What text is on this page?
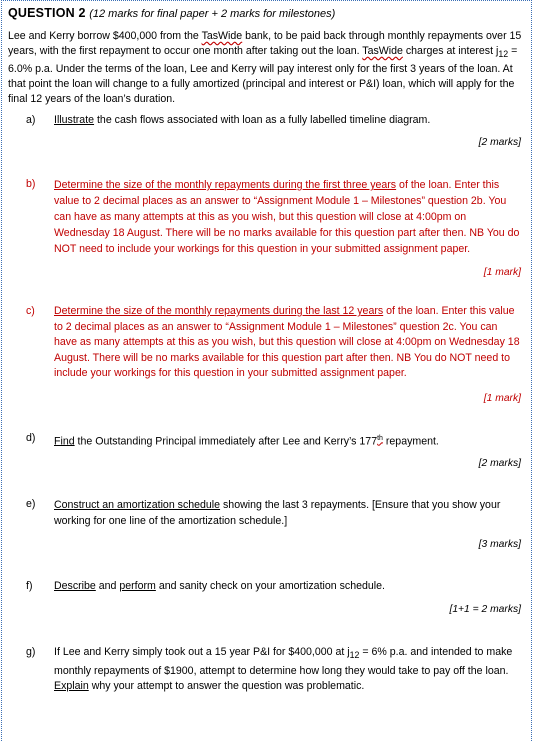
QUESTION 2 (12 marks for final paper + 2 marks for milestones)
Lee and Kerry borrow $400,000 from the TasWide bank, to be paid back through monthly repayments over 15 years, with the first repayment to occur one month after taking out the loan. TasWide charges at interest $j_{12} = 6.0\%$ p.a. Under the terms of the loan, Lee and Kerry will pay interest only for the first 3 years of the loan. At that point the loan will change to a fully amortized (principal and interest or P&I) loan, which will apply for the final 12 years of the loan’s duration.
a)	Illustrate the cash flows associated with loan as a fully labelled timeline diagram.
[2 marks]
b)	Determine the size of the monthly repayments during the first three years of the loan. Enter this value to 2 decimal places as an answer to “Assignment Module 1 – Milestones” question 2b. You can have as many attempts at this as you wish, but this question will close at 4:00pm on Wednesday 18 August. There will be no marks available for this question part after then. NB You do NOT need to include your workings for this question in your submitted assignment paper.
[1 mark]
c)	Determine the size of the monthly repayments during the last 12 years of the loan. Enter this value to 2 decimal places as an answer to “Assignment Module 1 – Milestones” question 2c. You can have as many attempts at this as you wish, but this question will close at 4:00pm on Wednesday 18 August. There will be no marks available for this question part after then. NB You do NOT need to include your workings for this question in your submitted assignment paper.
[1 mark]
d)	Find the Outstanding Principal immediately after Lee and Kerry’s 177th repayment.
[2 marks]
e)	Construct an amortization schedule showing the last 3 repayments. [Ensure that you show your working for one line of the amortization schedule.]
[3 marks]
f)	Describe and perform and sanity check on your amortization schedule.
[1+1 = 2 marks]
g)	If Lee and Kerry simply took out a 15 year P&I for $400,000 at $j_{12} = 6\%$ p.a. and intended to make monthly repayments of $1900, attempt to determine how long they would take to pay off the loan. Explain why your attempt to answer the question was problematic.
